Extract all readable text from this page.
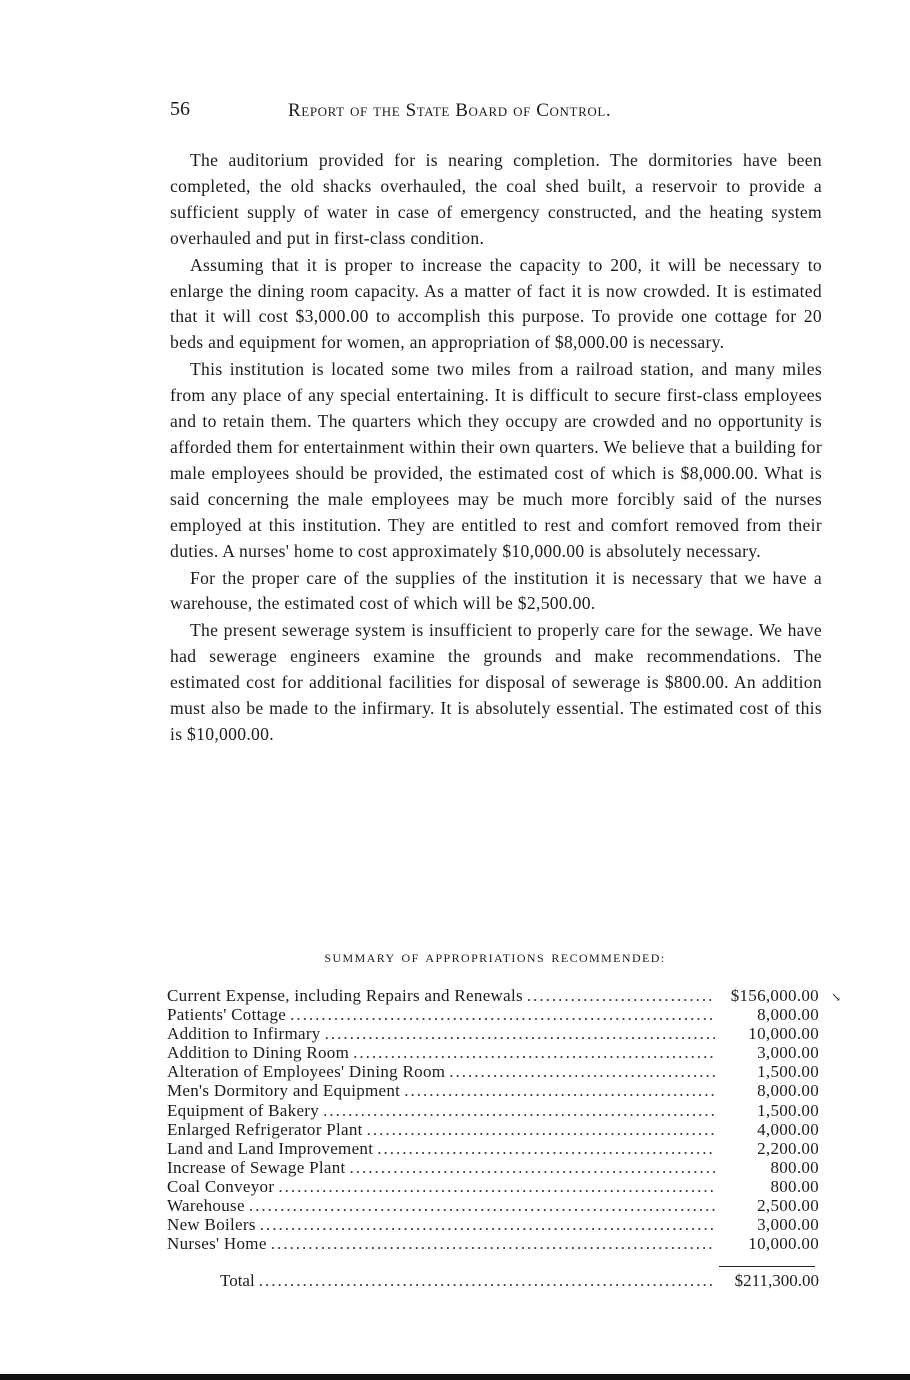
56	Report of the State Board of Control.

The auditorium provided for is nearing completion. The dormitories have been completed, the old shacks overhauled, the coal shed built, a reservoir to provide a sufficient supply of water in case of emergency constructed, and the heating system overhauled and put in first-class condition.

Assuming that it is proper to increase the capacity to 200, it will be necessary to enlarge the dining room capacity. As a matter of fact it is now crowded. It is estimated that it will cost $3,000.00 to accomplish this purpose. To provide one cottage for 20 beds and equipment for women, an appropriation of $8,000.00 is necessary.

This institution is located some two miles from a railroad station, and many miles from any place of any special entertaining. It is difficult to secure first-class employees and to retain them. The quarters which they occupy are crowded and no opportunity is afforded them for entertainment within their own quarters. We believe that a building for male employees should be provided, the estimated cost of which is $8,000.00. What is said concerning the male employees may be much more forcibly said of the nurses employed at this institution. They are entitled to rest and comfort removed from their duties. A nurses' home to cost approximately $10,000.00 is absolutely necessary.

For the proper care of the supplies of the institution it is necessary that we have a warehouse, the estimated cost of which will be $2,500.00.

The present sewerage system is insufficient to properly care for the sewage. We have had sewerage engineers examine the grounds and make recommendations. The estimated cost for additional facilities for disposal of sewerage is $800.00. An addition must also be made to the infirmary. It is absolutely essential. The estimated cost of this is $10,000.00.

SUMMARY OF APPROPRIATIONS RECOMMENDED:
↘
Current Expense, including Repairs and Renewals .....	$156,000.00
Patients' Cottage .....	8,000.00
Addition to Infirmary .....	10,000.00
Addition to Dining Room .....	3,000.00
Alteration of Employees' Dining Room .....	1,500.00
Men's Dormitory and Equipment .....	8,000.00
Equipment of Bakery .....	1,500.00
Enlarged Refrigerator Plant .....	4,000.00
Land and Land Improvement .....	2,200.00
Increase of Sewage Plant .....	800.00
Coal Conveyor .....	800.00
Warehouse .....	2,500.00
New Boilers .....	3,000.00
Nurses' Home .....	10,000.00
Total .....	$211,300.00
